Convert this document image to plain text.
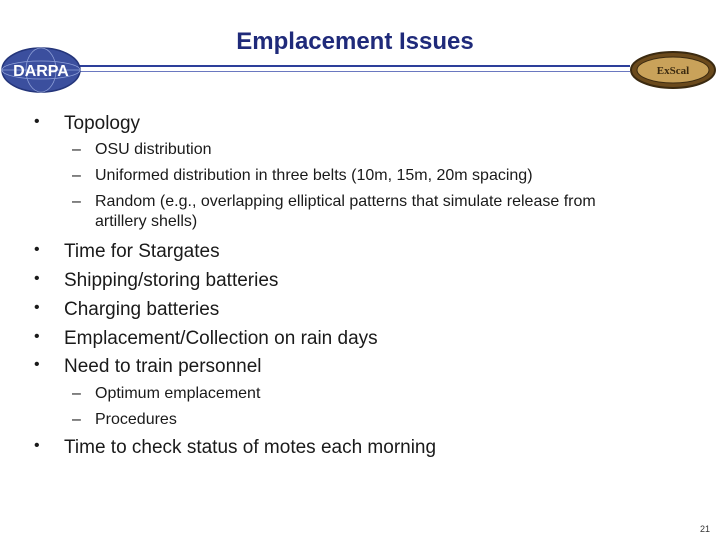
Emplacement Issues
DARPA	ExScal
• Topology
– OSU distribution
– Uniformed distribution in three belts (10m, 15m, 20m spacing)
– Random (e.g., overlapping elliptical patterns that simulate release from
artillery shells)
• Time for Stargates
• Shipping/storing batteries
• Charging batteries
• Emplacement/Collection on rain days
• Need to train personnel
– Optimum emplacement
– Procedures
• Time to check status of motes each morning
21
